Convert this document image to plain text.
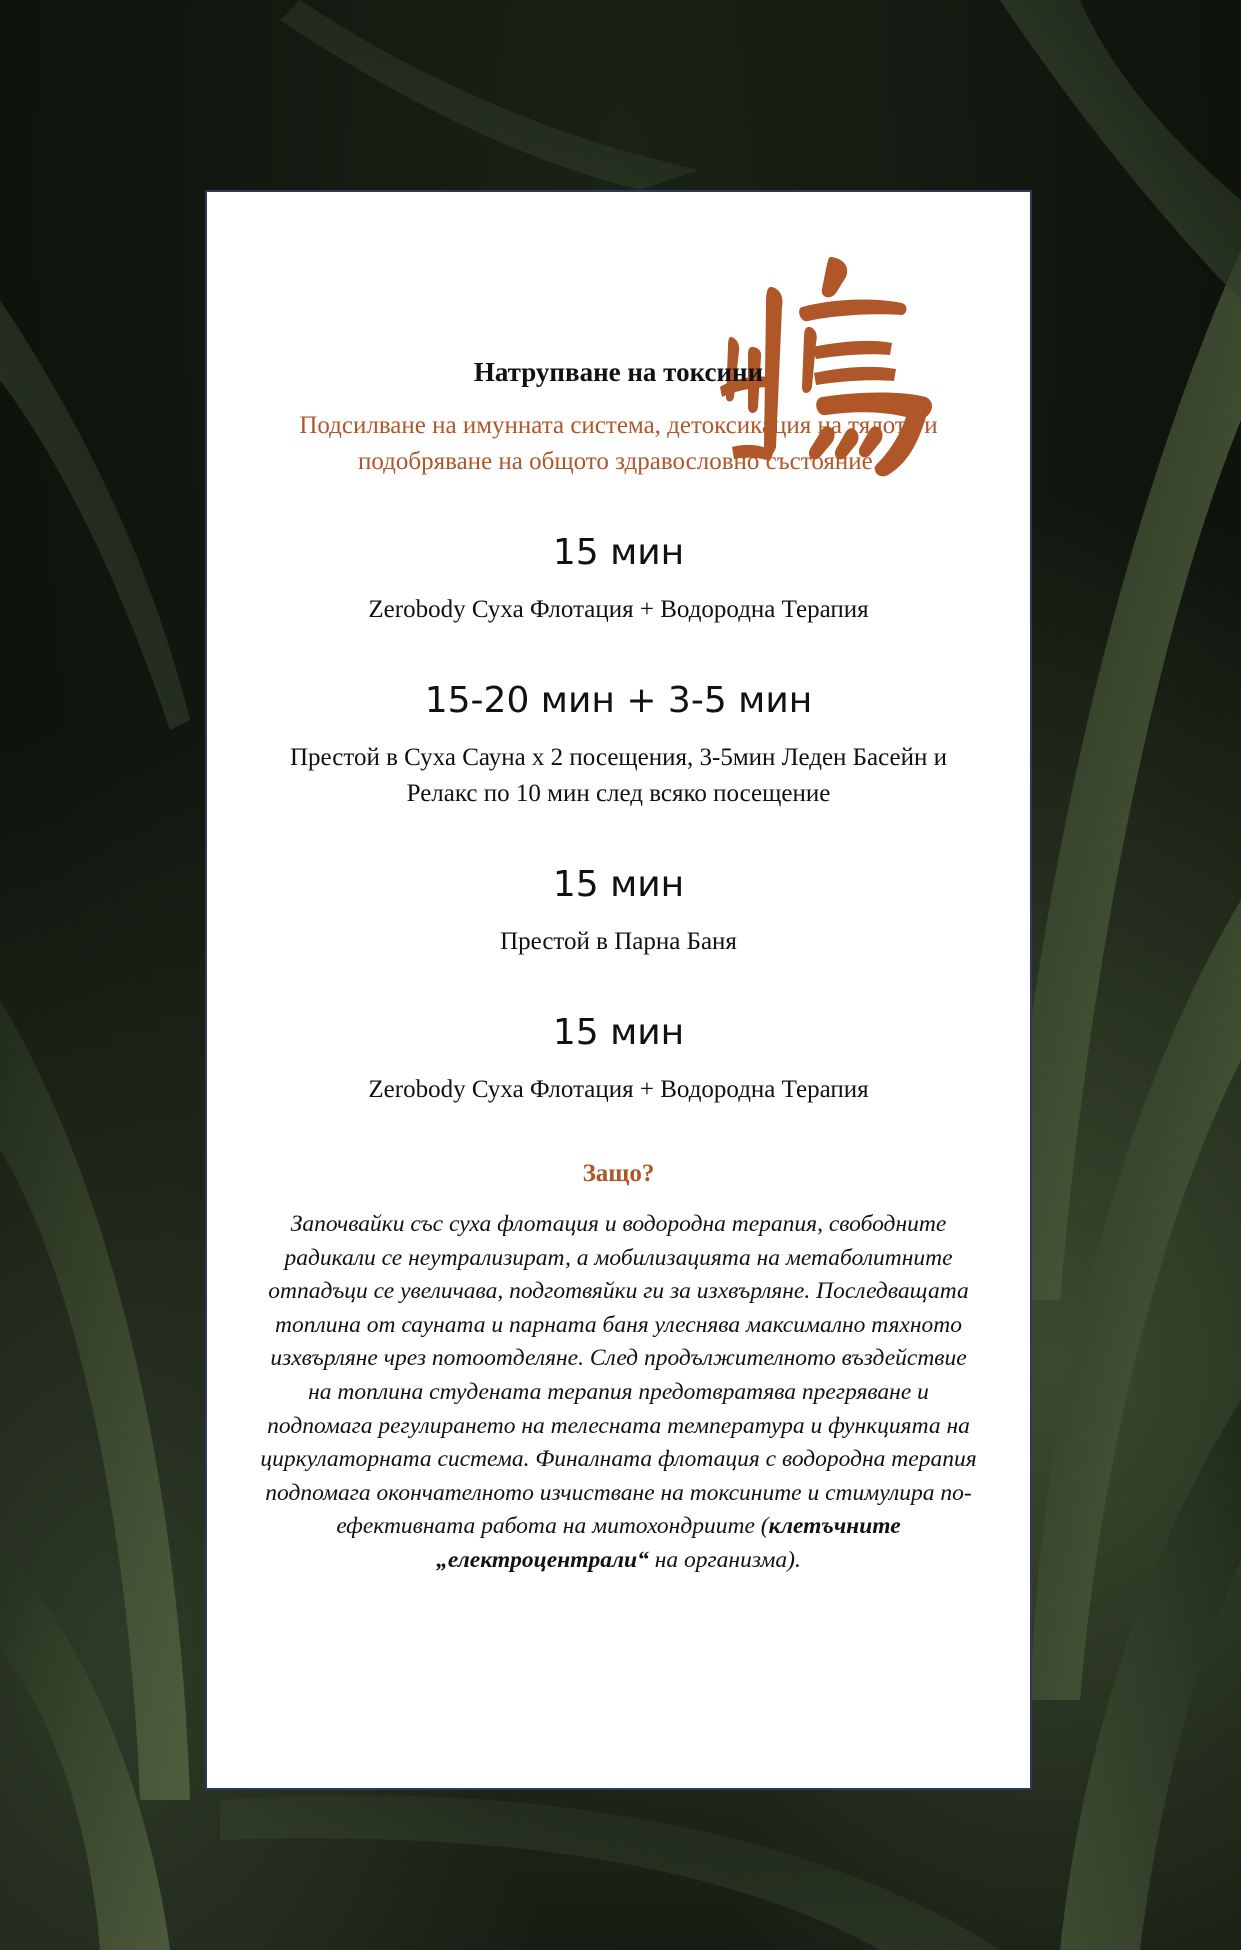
Натрупване на токсини

Подсилване на имунната система, детоксикация на тялото и подобряване на общото здравословно състояние.

15 мин

Zerobody Суха Флотация + Водородна Терапия

15-20 мин + 3-5 мин

Престой в Суха Сауна x 2 посещения, 3-5мин Леден Басейн и Релакс по 10 мин след всяко посещение

15 мин

Престой в Парна Баня

15 мин

Zerobody Суха Флотация + Водородна Терапия

Защо?

Започвайки със суха флотация и водородна терапия, свободните радикали се неутрализират, а мобилизацията на метаболитните отпадъци се увеличава, подготвяйки ги за изхвърляне. Последващата топлина от сауната и парната баня улеснява максимално тяхното изхвърляне чрез потоотделяне. След продължителното въздействие на топлина студената терапия предотвратява прегряване и подпомага регулирането на телесната температура и функцията на циркулаторната система. Финалната флотация с водородна терапия подпомага окончателното изчистване на токсините и стимулира по-ефективната работа на митохондриите (клетъчните „електроцентрали“ на организма).
